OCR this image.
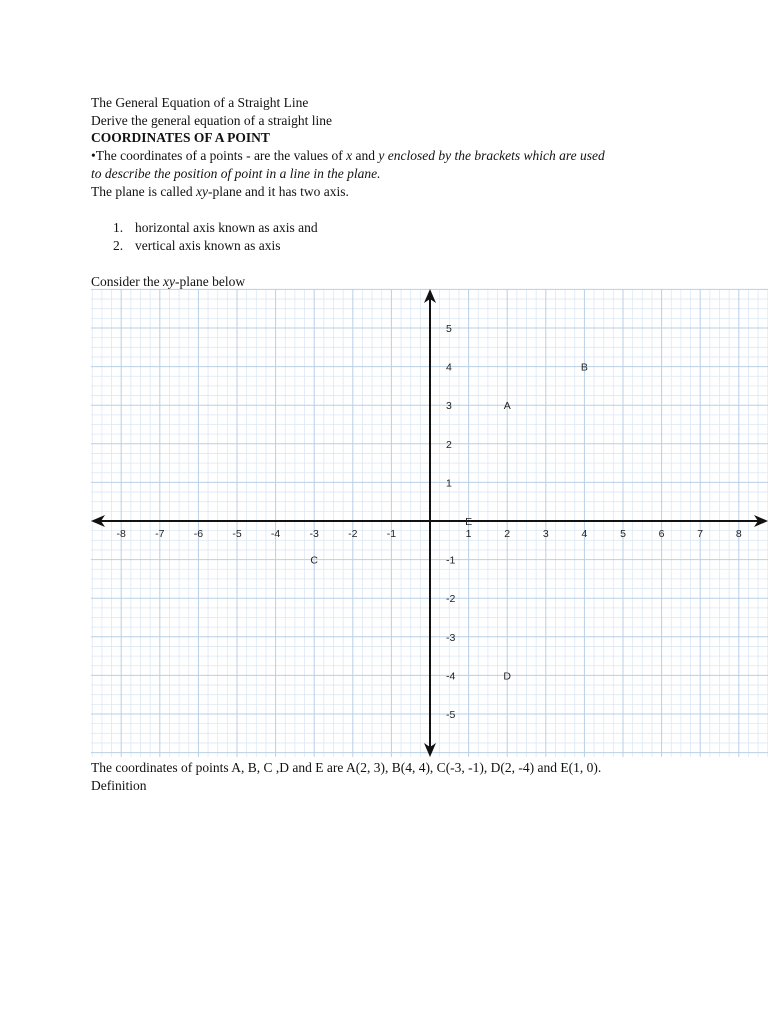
The General Equation of a Straight Line
Derive the general equation of a straight line
COORDINATES OF A POINT
•The coordinates of a points - are the values of x and y enclosed by the brackets which are used
to describe the position of point in a line in the plane.
The plane is called xy-plane and it has two axis.
1. horizontal axis known as axis and
2. vertical axis known as axis
Consider the xy-plane below
-8	-7	-6	-5	-4	-3	-2	-1	1	2	3	4	5	6	7	8
5
4
3
2
1
-1
-2
-3
-4
-5
A
B
C
D
E
The coordinates of points A, B, C ,D and E are A(2, 3), B(4, 4), C(-3, -1), D(2, -4) and E(1, 0).
Definition
